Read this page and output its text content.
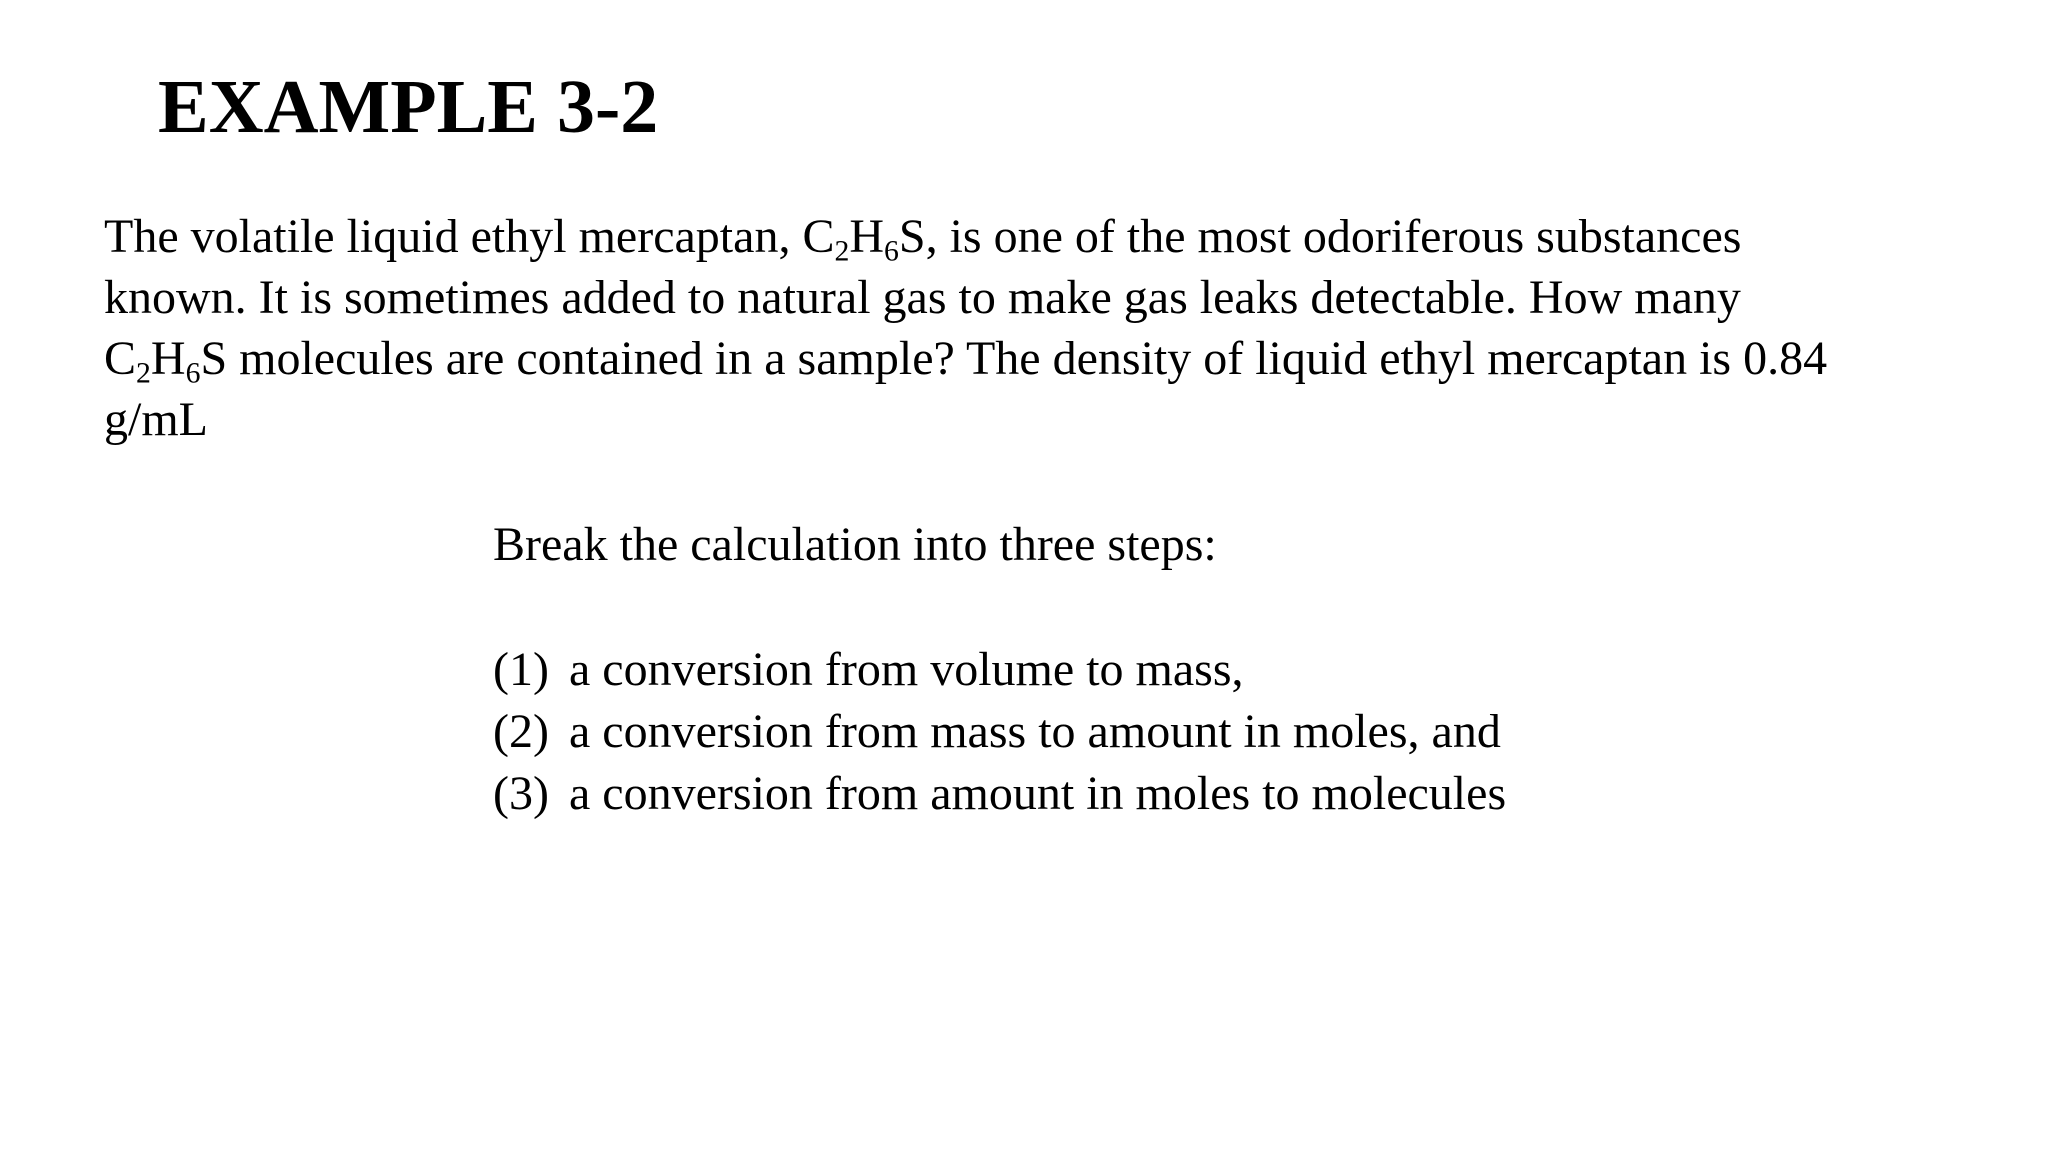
EXAMPLE 3-2

The volatile liquid ethyl mercaptan, $C_2H_6S$, is one of the most odoriferous substances
known. It is sometimes added to natural gas to make gas leaks detectable. How many
$C_2H_6S$ molecules are contained in a sample? The density of liquid ethyl mercaptan is 0.84
g/mL

Break the calculation into three steps:

(1) a conversion from volume to mass,
(2) a conversion from mass to amount in moles, and
(3) a conversion from amount in moles to molecules
